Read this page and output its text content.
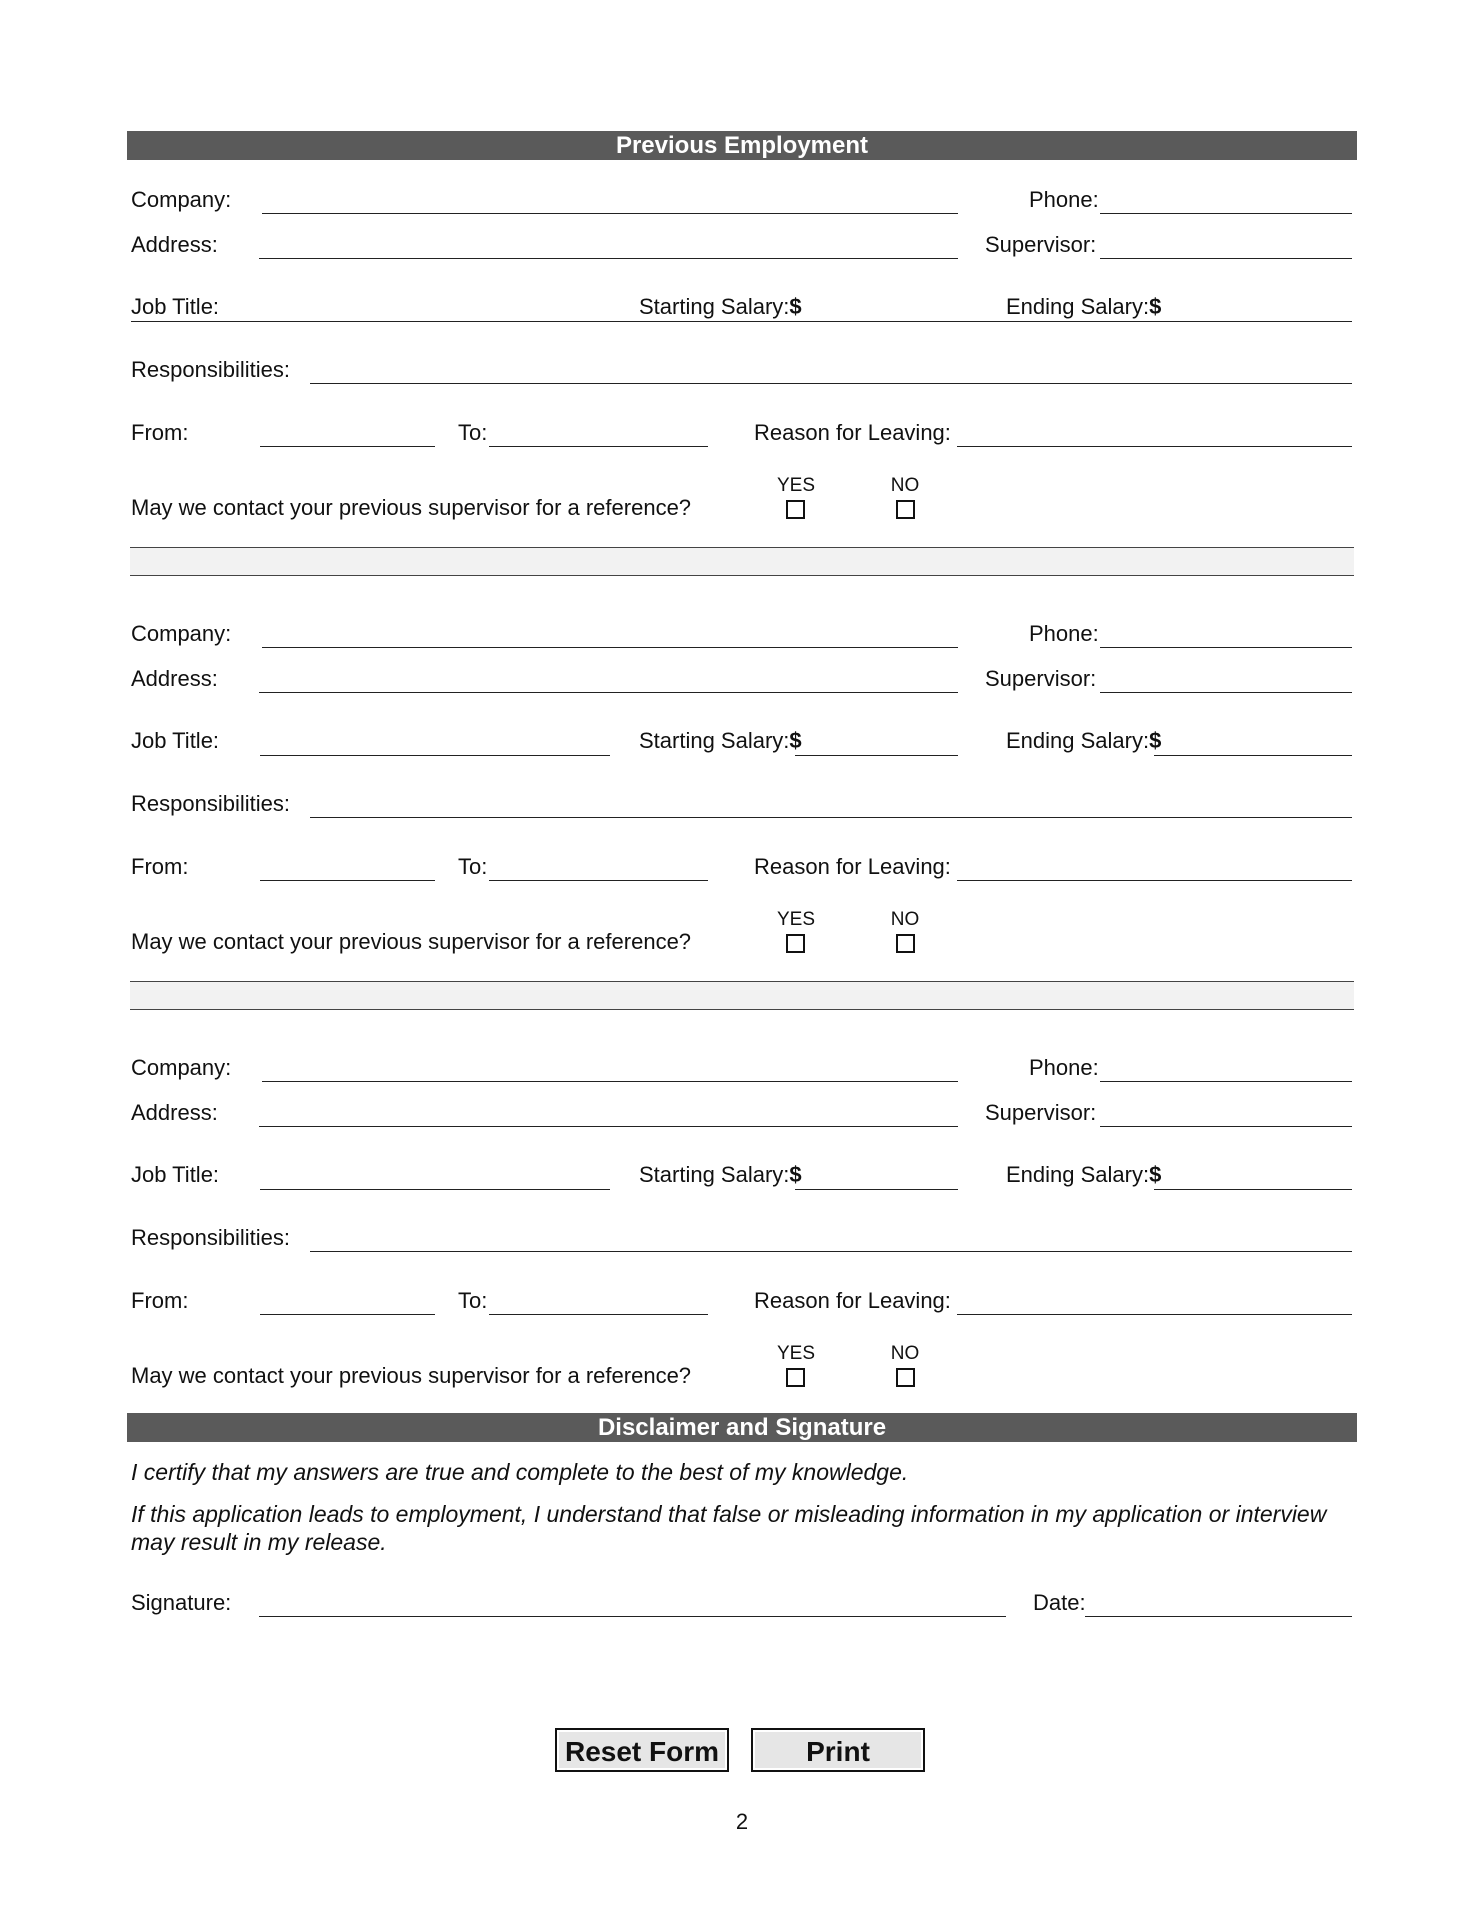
Previous Employment
Company:	Phone:
Address:	Supervisor:
Job Title:	Starting Salary:$	Ending Salary:$
Responsibilities:
From:	To:	Reason for Leaving:
May we contact your previous supervisor for a reference?
YES	NO
Company:	Phone:
Address:	Supervisor:
Job Title:	Starting Salary:$	Ending Salary:$
Responsibilities:
From:	To:	Reason for Leaving:
May we contact your previous supervisor for a reference?
YES	NO
Company:	Phone:
Address:	Supervisor:
Job Title:	Starting Salary:$	Ending Salary:$
Responsibilities:
From:	To:	Reason for Leaving:
May we contact your previous supervisor for a reference?
YES	NO
Disclaimer and Signature
I certify that my answers are true and complete to the best of my knowledge.
If this application leads to employment, I understand that false or misleading information in my application or interview may result in my release.
Signature:	Date:
Reset Form	Print
2
